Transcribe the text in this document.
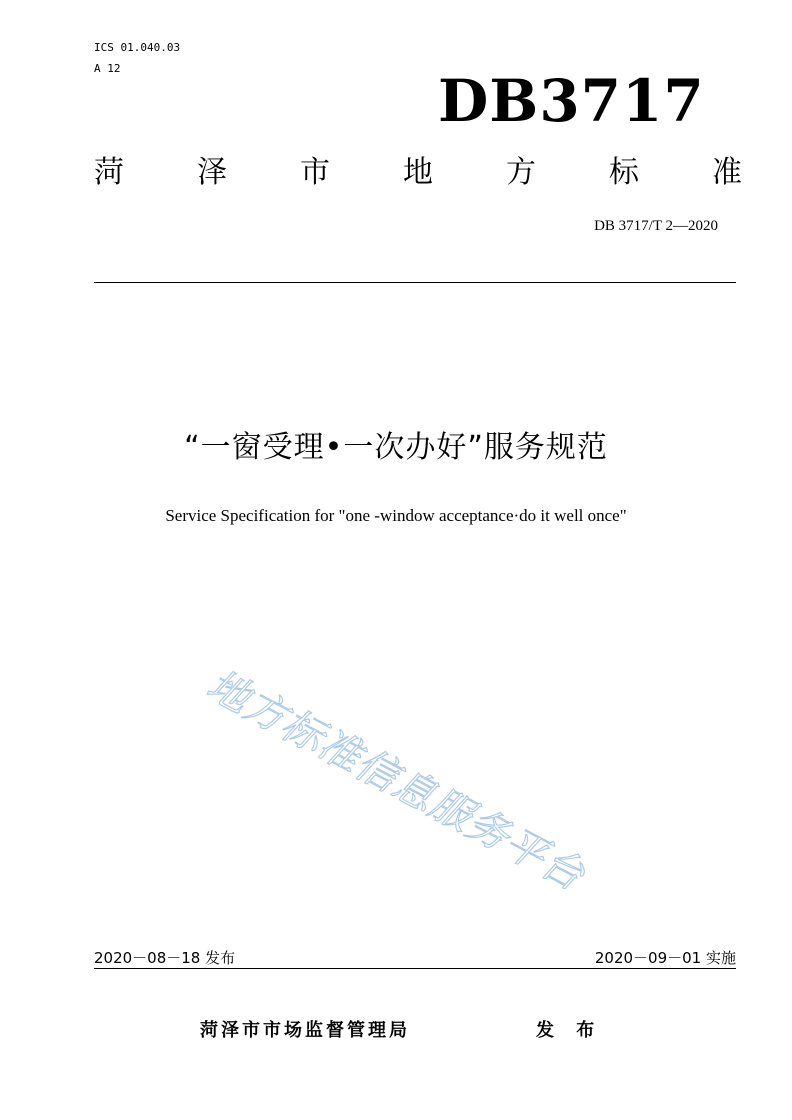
ICS 01.040.03
A 12	DB3717
菏 泽 市 地 方 标 准
DB 3717/T 2—2020
“一窗受理•一次办好”服务规范
Service Specification for "one -window acceptance·do it well once"
地方标准信息服务平台
2020－08－18 发布	2020－09－01 实施
菏泽市市场监督管理局	发 布
